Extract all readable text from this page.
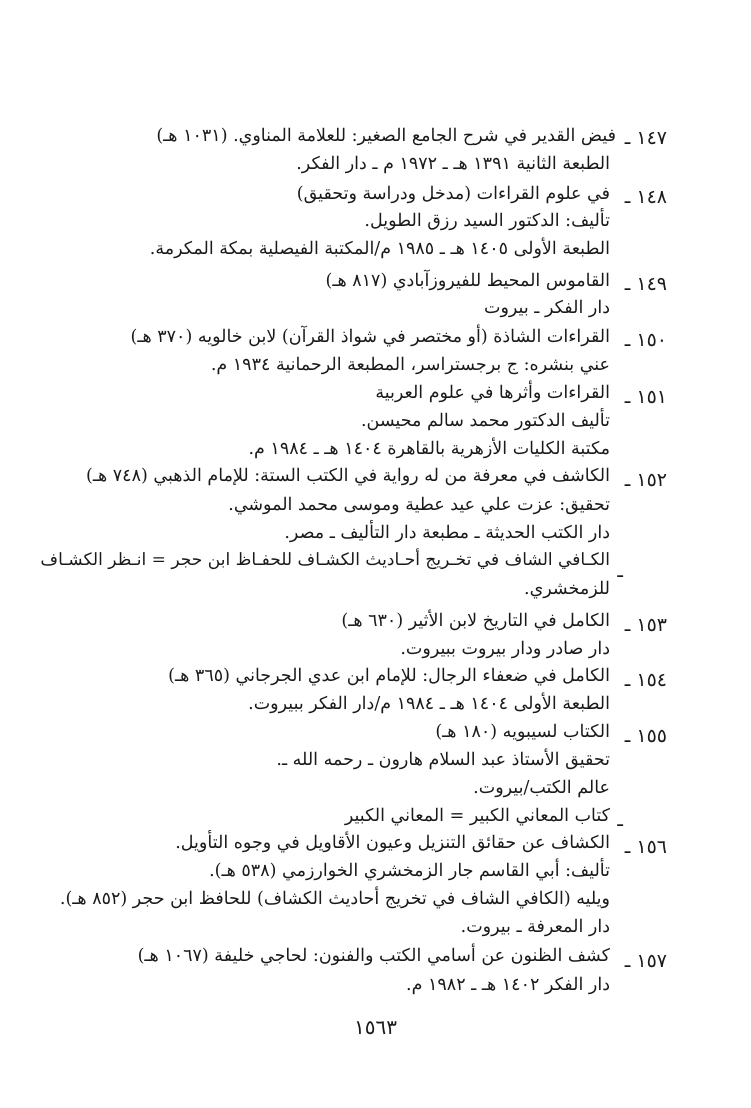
١٤٧ ـ
فيض القدير في شرح الجامع الصغير: للعلامة المناوي. (١٠٣١ هـ)
الطبعة الثانية ١٣٩١ هـ ـ ١٩٧٢ م ـ دار الفكر.
١٤٨ ـ
في علوم القراءات (مدخل ودراسة وتحقيق)
تأليف: الدكتور السيد رزق الطويل.
الطبعة الأولى ١٤٠٥ هـ ـ ١٩٨٥ م/المكتبة الفيصلية بمكة المكرمة.
١٤٩ ـ
القاموس المحيط للفيروزآبادي (٨١٧ هـ)
دار الفكر ـ بيروت
١٥٠ ـ
القراءات الشاذة (أو مختصر في شواذ القرآن) لابن خالويه (٣٧٠ هـ)
عني بنشره: ج برجستراسر، المطبعة الرحمانية ١٩٣٤ م.
١٥١ ـ
القراءات وأثرها في علوم العربية
تأليف الدكتور محمد سالم محيسن.
مكتبة الكليات الأزهرية بالقاهرة ١٤٠٤ هـ ـ ١٩٨٤ م.
١٥٢ ـ
الكاشف في معرفة من له رواية في الكتب الستة: للإمام الذهبي (٧٤٨ هـ)
تحقيق: عزت علي عيد عطية وموسى محمد الموشي.
دار الكتب الحديثة ـ مطبعة دار التأليف ـ مصر.
ـ
الكـافي الشاف في تخـريج أحـاديث الكشـاف للحفـاظ ابن حجر = انـظر الكشـاف
للزمخشري.
١٥٣ ـ
الكامل في التاريخ لابن الأثير (٦٣٠ هـ)
دار صادر ودار بيروت ببيروت.
١٥٤ ـ
الكامل في ضعفاء الرجال: للإمام ابن عدي الجرجاني (٣٦٥ هـ)
الطبعة الأولى ١٤٠٤ هـ ـ ١٩٨٤ م/دار الفكر ببيروت.
١٥٥ ـ
الكتاب لسيبويه (١٨٠ هـ)
تحقيق الأستاذ عبد السلام هارون ـ رحمه الله ـ.
عالم الكتب/بيروت.
ـ
كتاب المعاني الكبير = المعاني الكبير
١٥٦ ـ
الكشاف عن حقائق التنزيل وعيون الأقاويل في وجوه التأويل.
تأليف: أبي القاسم جار الزمخشري الخوارزمي (٥٣٨ هـ).
ويليه (الكافي الشاف في تخريج أحاديث الكشاف) للحافظ ابن حجر (٨٥٢ هـ).
دار المعرفة ـ بيروت.
١٥٧ ـ
كشف الظنون عن أسامي الكتب والفنون: لحاجي خليفة (١٠٦٧ هـ)
دار الفكر ١٤٠٢ هـ ـ ١٩٨٢ م.
١٥٦٣
